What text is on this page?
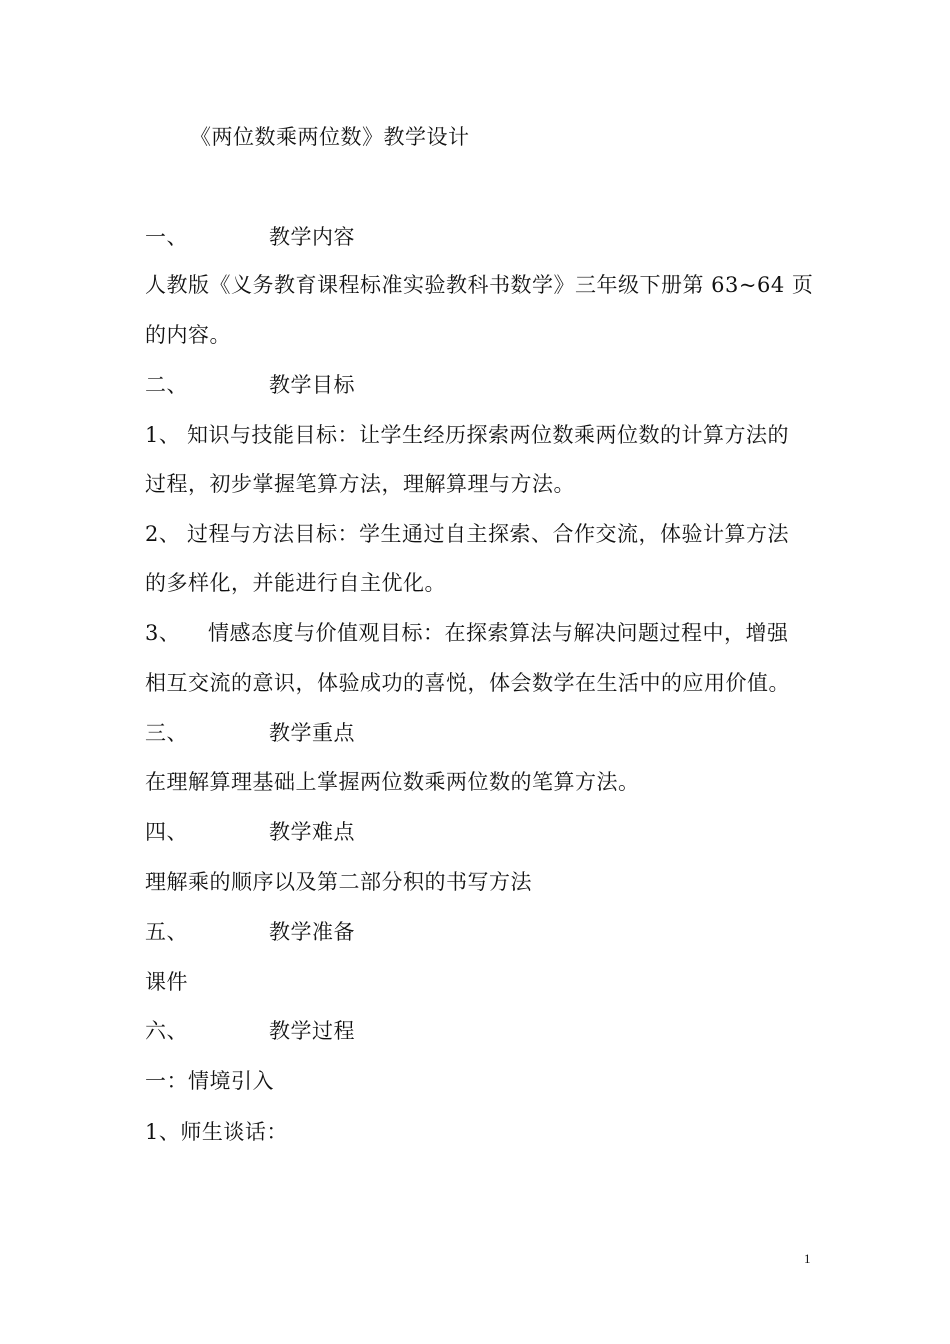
《两位数乘两位数》教学设计
一、	教学内容
人教版《义务教育课程标准实验教科书数学》三年级下册第 63~64 页
的内容。
二、	教学目标
1、 知识与技能目标：让学生经历探索两位数乘两位数的计算方法的
过程，初步掌握笔算方法，理解算理与方法。
2、 过程与方法目标：学生通过自主探索、合作交流，体验计算方法
的多样化，并能进行自主优化。
3、 情感态度与价值观目标：在探索算法与解决问题过程中，增强
相互交流的意识，体验成功的喜悦，体会数学在生活中的应用价值。
三、	教学重点
在理解算理基础上掌握两位数乘两位数的笔算方法。
四、	教学难点
理解乘的顺序以及第二部分积的书写方法
五、	教学准备
课件
六、	教学过程
一：情境引入
1、师生谈话：
1
